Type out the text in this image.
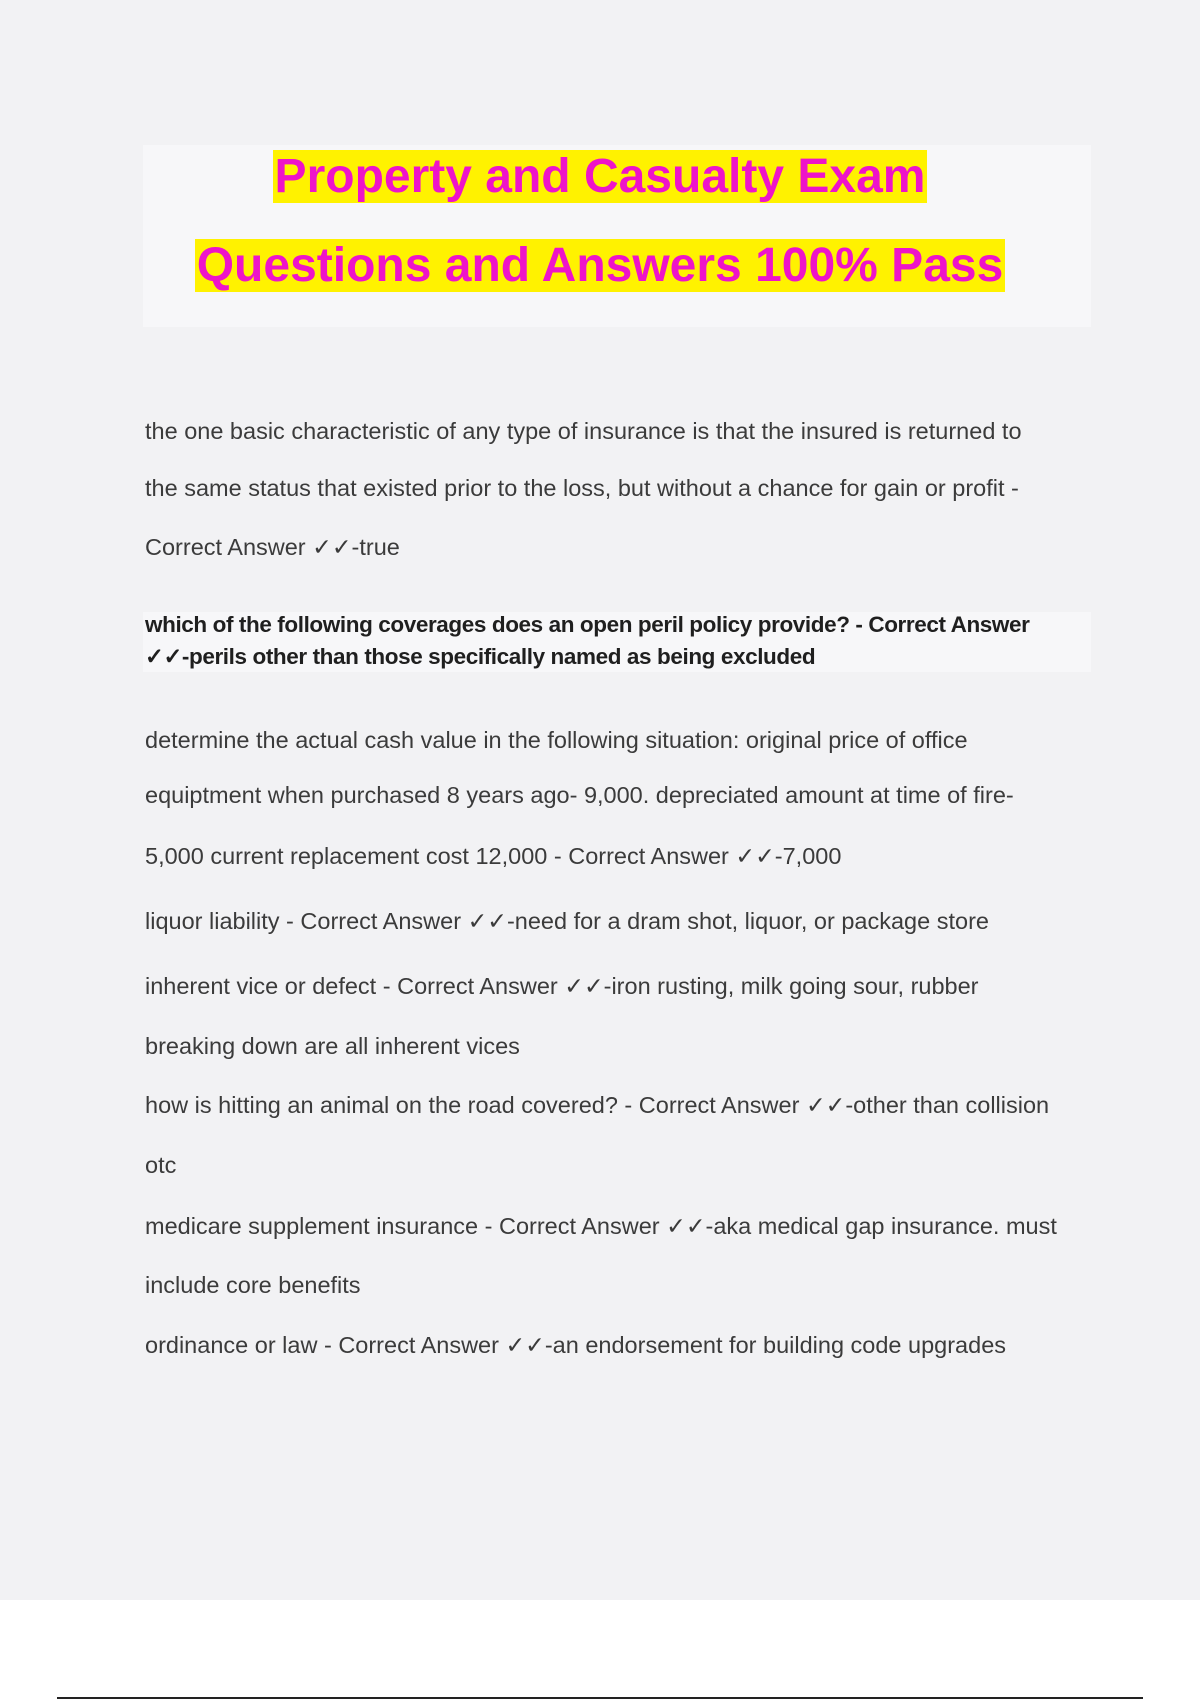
Property and Casualty Exam
Questions and Answers 100% Pass
the one basic characteristic of any type of insurance is that the insured is returned to
the same status that existed prior to the loss, but without a chance for gain or profit -
Correct Answer ✓✓-true
which of the following coverages does an open peril policy provide? - Correct Answer
✓✓-perils other than those specifically named as being excluded
determine the actual cash value in the following situation: original price of office
equiptment when purchased 8 years ago- 9,000. depreciated amount at time of fire-
5,000 current replacement cost 12,000 - Correct Answer ✓✓-7,000
liquor liability - Correct Answer ✓✓-need for a dram shot, liquor, or package store
inherent vice or defect - Correct Answer ✓✓-iron rusting, milk going sour, rubber
breaking down are all inherent vices
how is hitting an animal on the road covered? - Correct Answer ✓✓-other than collision
otc
medicare supplement insurance - Correct Answer ✓✓-aka medical gap insurance. must
include core benefits
ordinance or law - Correct Answer ✓✓-an endorsement for building code upgrades
